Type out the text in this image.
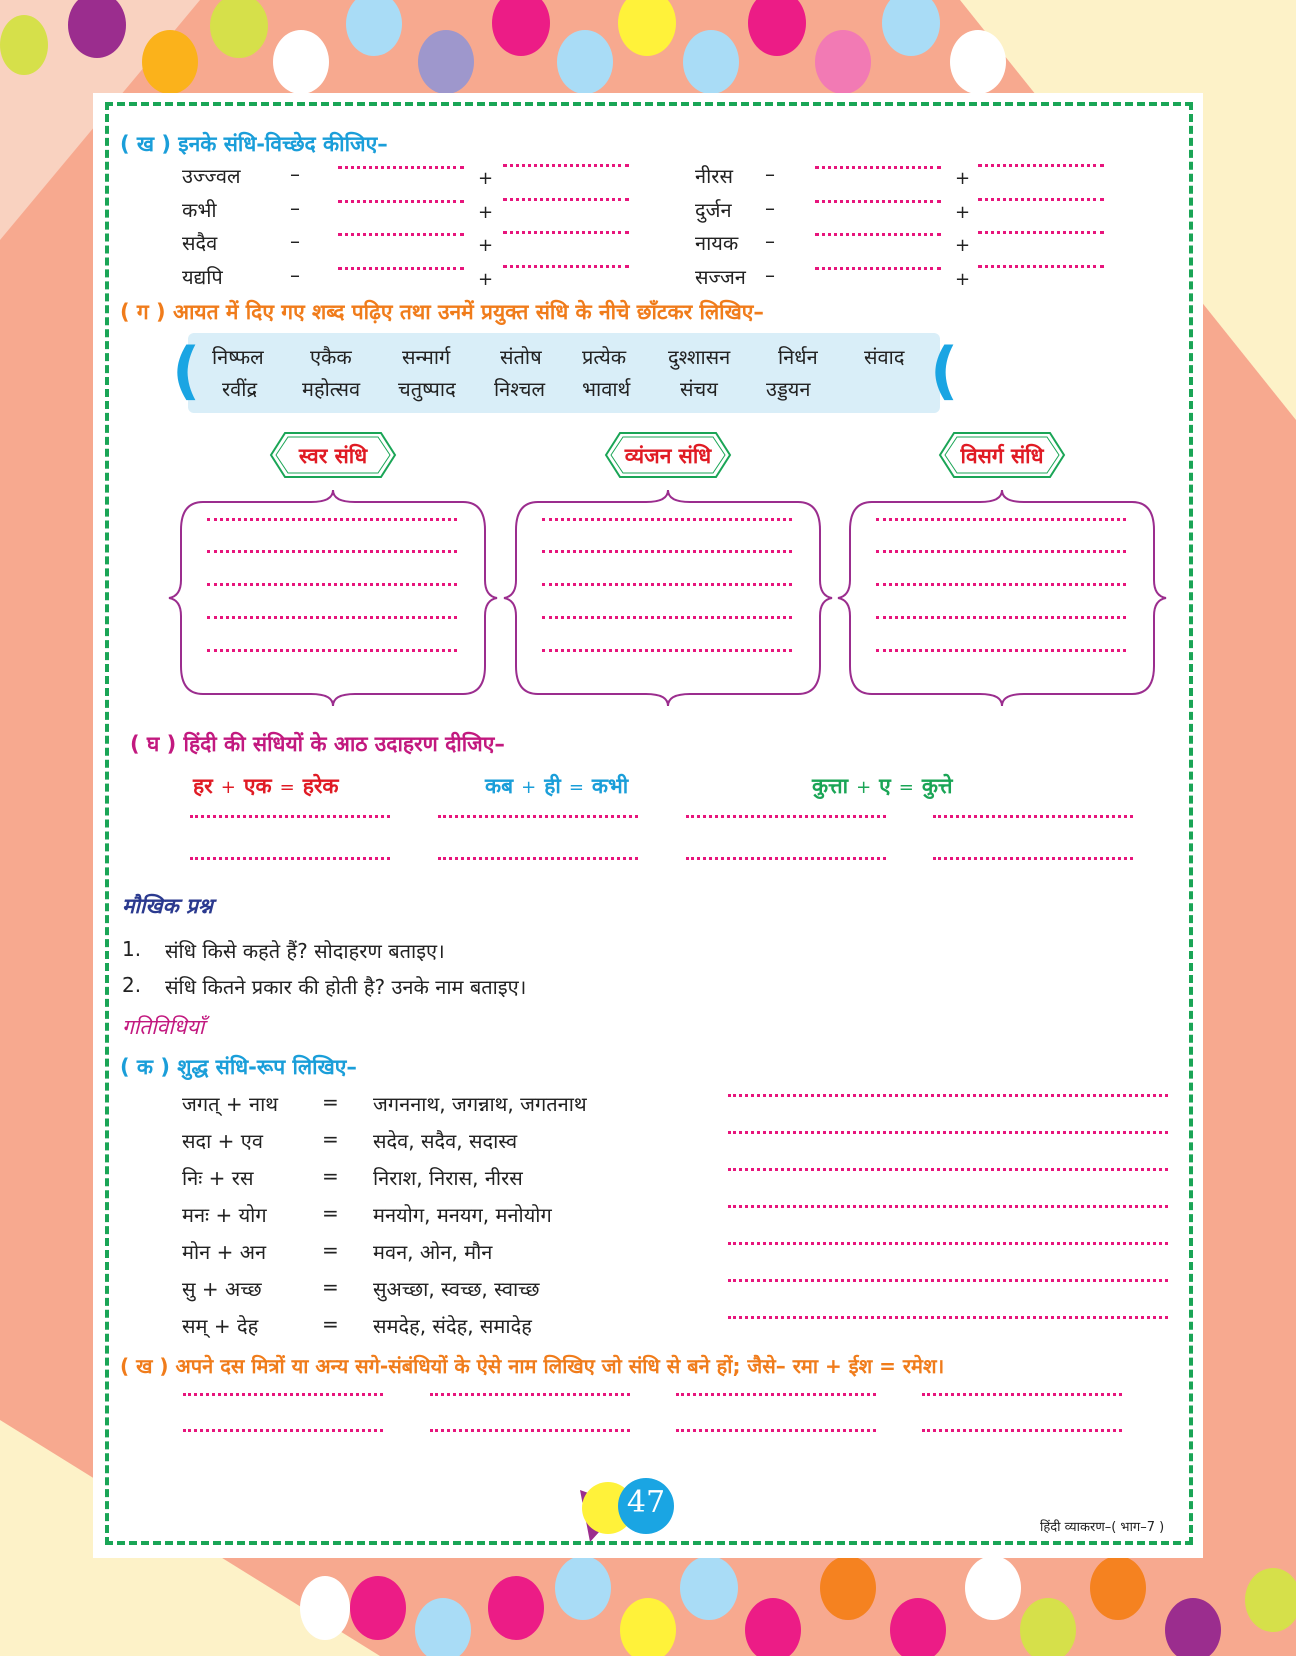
( ख ) इनके संधि-विच्छेद कीजिए–
उज्ज्वल –	+
कभी	–	+
सदैव	–	+
यद्यपि	–	+
नीरस –	+
दुर्जन –	+
नायक –	+
सज्जन –	+
( ग ) आयत में दिए गए शब्द पढ़िए तथा उनमें प्रयुक्त संधि के नीचे छाँटकर लिखिए–
(	(
निष्फल एकैक	सन्मार्ग संतोष प्रत्येक दुश्शासन निर्धन संवाद
रवींद्र महोत्सव चतुष्पाद निश्चल भावार्थ संचय उड्डयन
स्वर संधि	व्यंजन संधि	विसर्ग संधि
( घ ) हिंदी की संधियों के आठ उदाहरण दीजिए–
हर + एक = हरेक	कब + ही = कभी	कुत्ता + ए = कुत्ते
मौखिक प्रश्न
1. संधि किसे कहते हैं? सोदाहरण बताइए।
2. संधि कितने प्रकार की होती है? उनके नाम बताइए।
गतिविधियाँ
( क ) शुद्ध संधि-रूप लिखिए–
जगत् + नाथ = जगननाथ, जगन्नाथ, जगतनाथ
सदा + एव	= सदेव, सदैव, सदास्व
निः + रस	= निराश, निरास, नीरस
मनः + योग	= मनयोग, मनयग, मनोयोग
मोन + अन	= मवन, ओन, मौन
सु + अच्छ	= सुअच्छा, स्वच्छ, स्वाच्छ
सम् + देह	= समदेह, संदेह, समादेह
( ख ) अपने दस मित्रों या अन्य सगे-संबंधियों के ऐसे नाम लिखिए जो संधि से बने हों; जैसे– रमा + ईश = रमेश।
47
हिंदी व्याकरण–( भाग–7 )
